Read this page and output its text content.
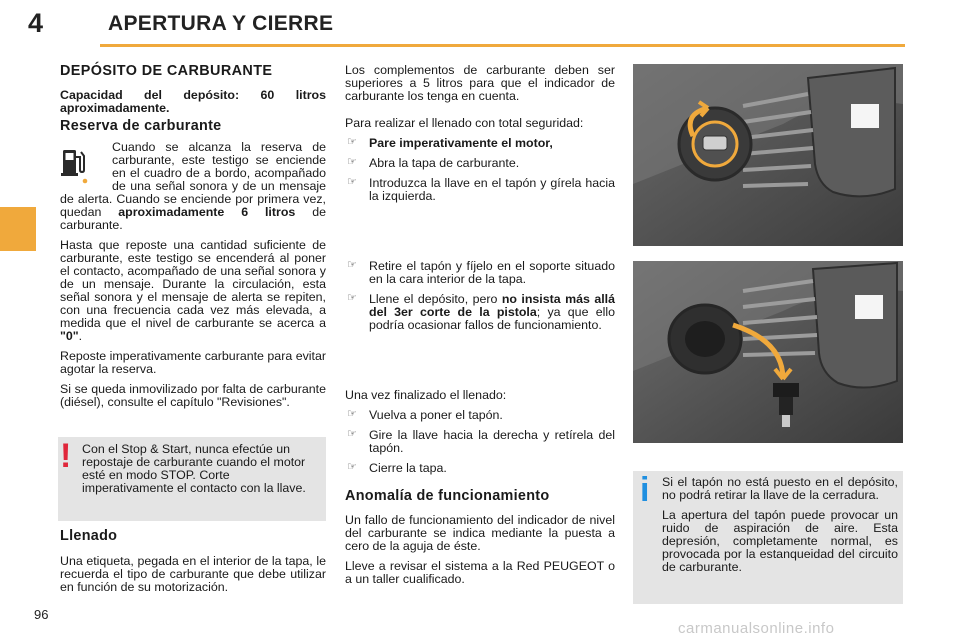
4	APERTURA Y CIERRE
DEPÓSITO DE CARBURANTE
Capacidad del depósito: 60 litros aproximadamente.
Reserva de carburante

Cuando se alcanza la reserva de carburante, este testigo se enciende en el cuadro de a bordo, acompañado de una señal sonora y de un mensaje de alerta. Cuando se enciende por primera vez, quedan aproximadamente 6 litros de carburante.

Hasta que reposte una cantidad suficiente de carburante, este testigo se encenderá al poner el contacto, acompañado de una señal sonora y de un mensaje. Durante la circulación, esta señal sonora y el mensaje de alerta se repiten, con una frecuencia cada vez más elevada, a medida que el nivel de carburante se acerca a "0".

Reposte imperativamente carburante para evitar agotar la reserva.

Si se queda inmovilizado por falta de carburante (diésel), consulte el capítulo "Revisiones".

! Con el Stop & Start, nunca efectúe un repostaje de carburante cuando el motor esté en modo STOP. Corte imperativamente el contacto con la llave.
Llenado
Una etiqueta, pegada en el interior de la tapa, le recuerda el tipo de carburante que debe utilizar en función de su motorización.

Los complementos de carburante deben ser superiores a 5 litros para que el indicador de carburante los tenga en cuenta.

Para realizar el llenado con total seguridad:

☞ Pare imperativamente el motor,
☞ Abra la tapa de carburante.
☞ Introduzca la llave en el tapón y gírela hacia la izquierda.
☞ Retire el tapón y fíjelo en el soporte situado en la cara interior de la tapa.
☞ Llene el depósito, pero no insista más allá del 3er corte de la pistola; ya que ello podría ocasionar fallos de funcionamiento.

Una vez finalizado el llenado:

☞ Vuelva a poner el tapón.
☞ Gire la llave hacia la derecha y retírela del tapón.
☞ Cierre la tapa.
Anomalía de funcionamiento

Un fallo de funcionamiento del indicador de nivel del carburante se indica mediante la puesta a cero de la aguja de éste.

Lleve a revisar el sistema a la Red PEUGEOT o a un taller cualificado.

i Si el tapón no está puesto en el depósito, no podrá retirar la llave de la cerradura.

La apertura del tapón puede provocar un ruido de aspiración de aire. Esta depresión, completamente normal, es provocada por la estanqueidad del circuito de carburante.

96
carmanualsonline.info
